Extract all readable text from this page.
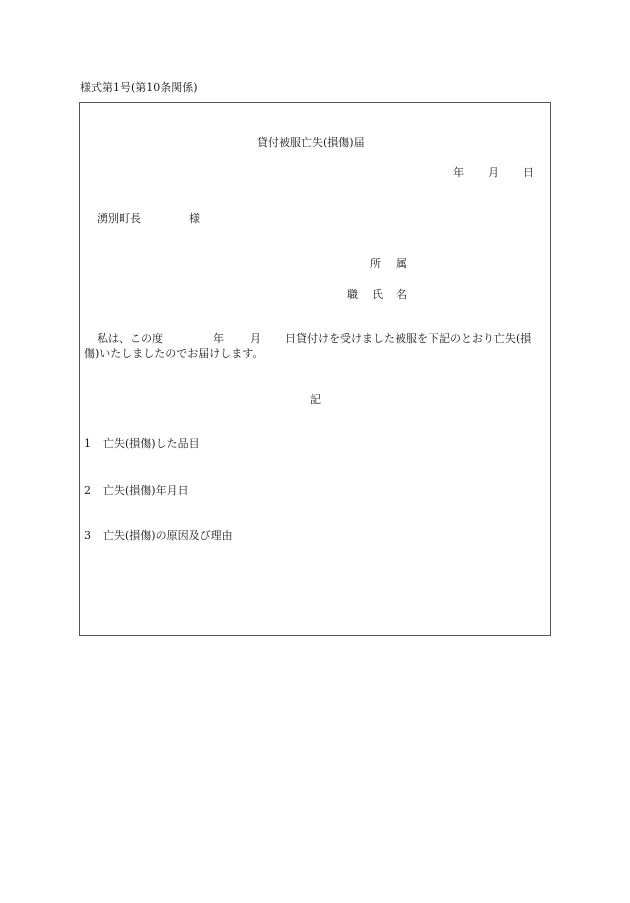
様式第1号(第10条関係)
貸付被服亡失(損傷)届
年 月 日
湧別町長	様
所 属
職 氏 名
私は、この度	年 月 日貸付けを受けました被服を下記のとおり亡失(損
傷)いたしましたのでお届けします。
記
1 亡失(損傷)した品目
2 亡失(損傷)年月日
3 亡失(損傷)の原因及び理由
